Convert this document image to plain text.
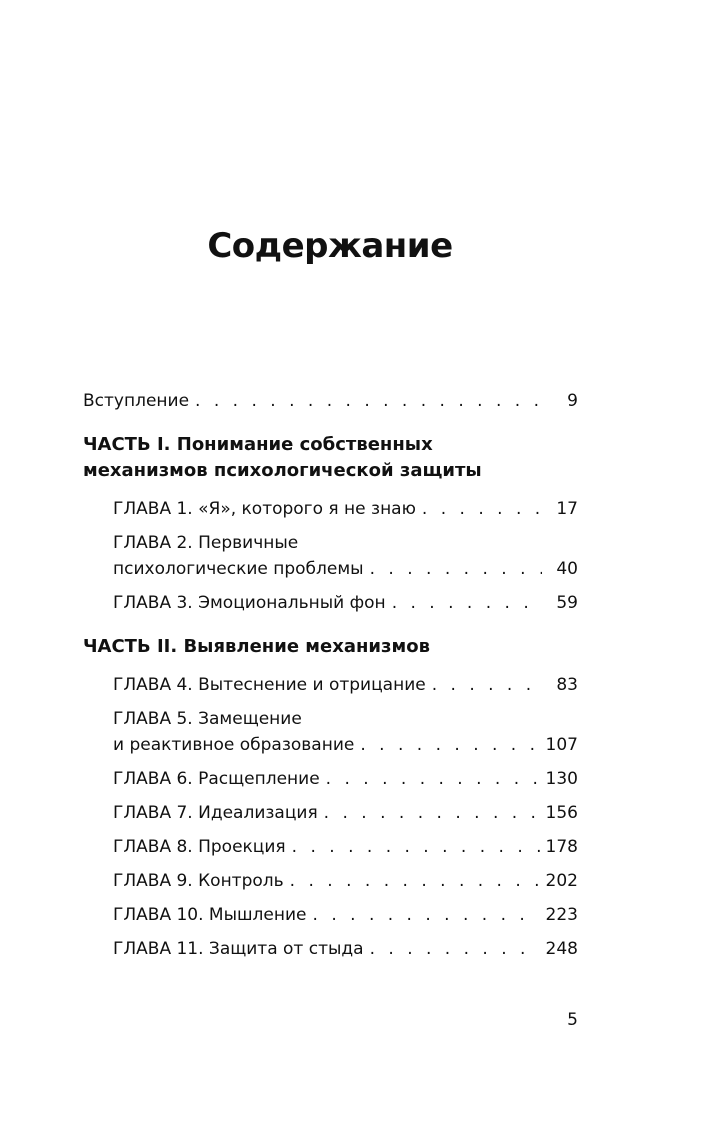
Содержание
Вступление . . .	9
ЧАСТЬ I. Понимание собственных
механизмов психологической защиты
ГЛАВА 1. «Я», которого я не знаю . . .	17
ГЛАВА 2. Первичные
психологические проблемы . . .	40
ГЛАВА 3. Эмоциональный фон . . .	59
ЧАСТЬ II. Выявление механизмов
ГЛАВА 4. Вытеснение и отрицание . . .	83
ГЛАВА 5. Замещение
и реактивное образование . . .	107
ГЛАВА 6. Расщепление . . .	130
ГЛАВА 7. Идеализация . . .	156
ГЛАВА 8. Проекция . . .	178
ГЛАВА 9. Контроль . . .	202
ГЛАВА 10. Мышление . . .	223
ГЛАВА 11. Защита от стыда . . .	248
5
